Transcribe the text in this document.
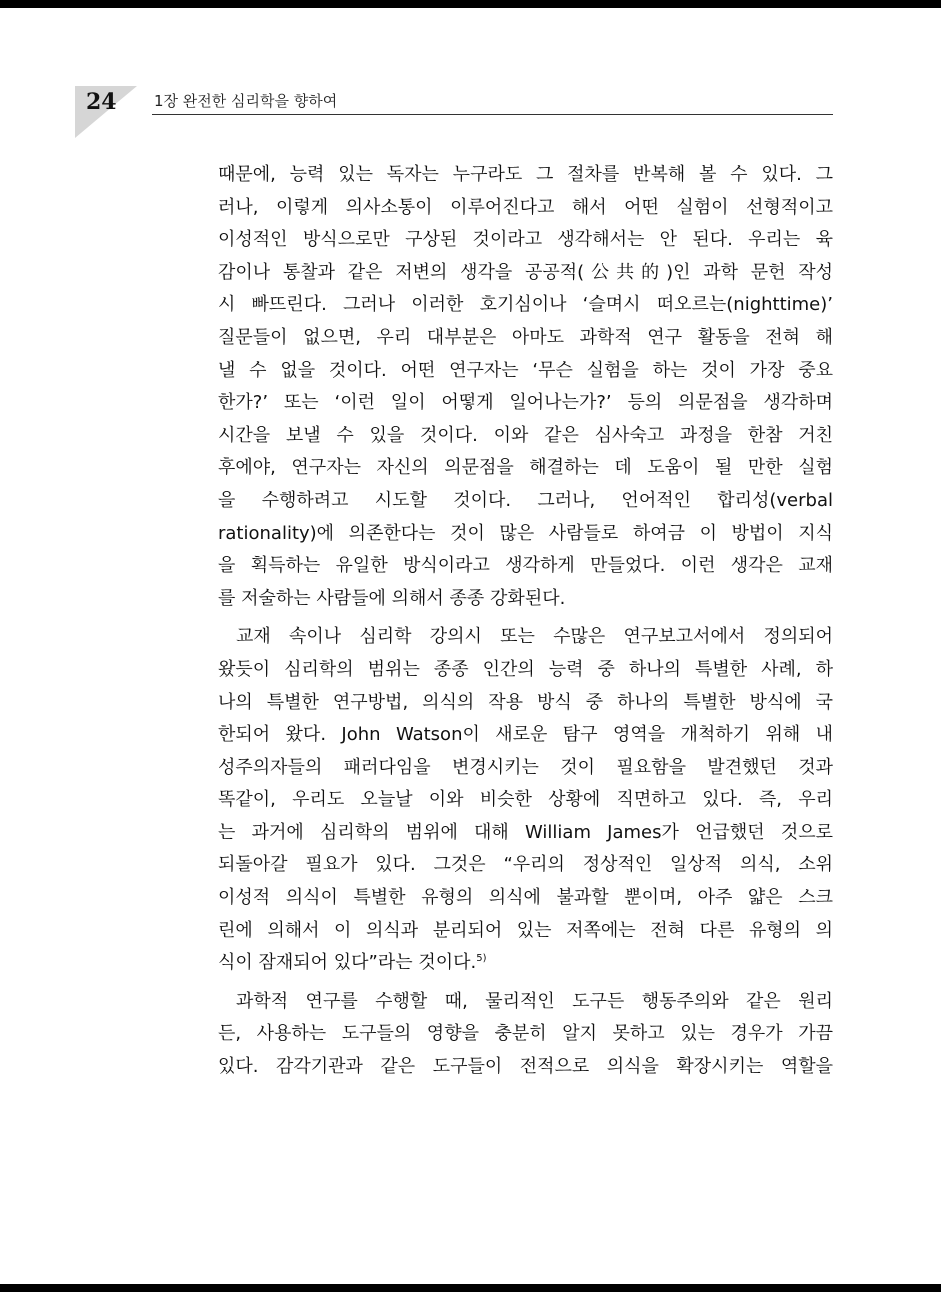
24 1장 완전한 심리학을 향하여
때문에, 능력 있는 독자는 누구라도 그 절차를 반복해 볼 수 있다. 그
러나, 이렇게 의사소통이 이루어진다고 해서 어떤 실험이 선형적이고
이성적인 방식으로만 구상된 것이라고 생각해서는 안 된다. 우리는 육
감이나 통찰과 같은 저변의 생각을 공공적(公共的)인 과학 문헌 작성
시 빠뜨린다. 그러나 이러한 호기심이나 ‘슬며시 떠오르는(nighttime)’
질문들이 없으면, 우리 대부분은 아마도 과학적 연구 활동을 전혀 해
낼 수 없을 것이다. 어떤 연구자는 ‘무슨 실험을 하는 것이 가장 중요
한가?’ 또는 ‘이런 일이 어떻게 일어나는가?’ 등의 의문점을 생각하며
시간을 보낼 수 있을 것이다. 이와 같은 심사숙고 과정을 한참 거친
후에야, 연구자는 자신의 의문점을 해결하는 데 도움이 될 만한 실험
을 수행하려고 시도할 것이다. 그러나, 언어적인 합리성(verbal
rationality)에 의존한다는 것이 많은 사람들로 하여금 이 방법이 지식
을 획득하는 유일한 방식이라고 생각하게 만들었다. 이런 생각은 교재
를 저술하는 사람들에 의해서 종종 강화된다.
교재 속이나 심리학 강의시 또는 수많은 연구보고서에서 정의되어
왔듯이 심리학의 범위는 종종 인간의 능력 중 하나의 특별한 사례, 하
나의 특별한 연구방법, 의식의 작용 방식 중 하나의 특별한 방식에 국
한되어 왔다. John Watson이 새로운 탐구 영역을 개척하기 위해 내
성주의자들의 패러다임을 변경시키는 것이 필요함을 발견했던 것과
똑같이, 우리도 오늘날 이와 비슷한 상황에 직면하고 있다. 즉, 우리
는 과거에 심리학의 범위에 대해 William James가 언급했던 것으로
되돌아갈 필요가 있다. 그것은 “우리의 정상적인 일상적 의식, 소위
이성적 의식이 특별한 유형의 의식에 불과할 뿐이며, 아주 얇은 스크
린에 의해서 이 의식과 분리되어 있는 저쪽에는 전혀 다른 유형의 의
식이 잠재되어 있다”라는 것이다.$^{5)}$
과학적 연구를 수행할 때, 물리적인 도구든 행동주의와 같은 원리
든, 사용하는 도구들의 영향을 충분히 알지 못하고 있는 경우가 가끔
있다. 감각기관과 같은 도구들이 전적으로 의식을 확장시키는 역할을
